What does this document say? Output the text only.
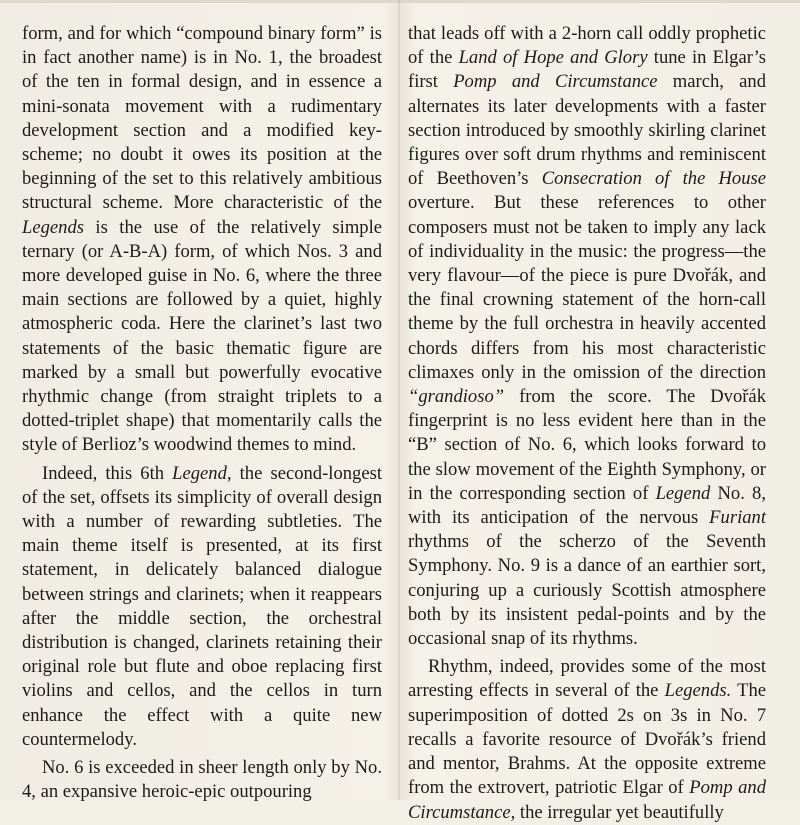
form, and for which “compound binary form” is in fact another name) is in No. 1, the broadest of the ten in formal design, and in essence a mini-sonata movement with a rudimentary development section and a modified key-scheme; no doubt it owes its position at the beginning of the set to this relatively ambitious structural scheme. More characteristic of the Legends is the use of the relatively simple ternary (or A-B-A) form, of which Nos. 3 and more developed guise in No. 6, where the three main sections are followed by a quiet, highly atmospheric coda. Here the clarinet’s last two statements of the basic thematic figure are marked by a small but powerfully evocative rhythmic change (from straight triplets to a dotted-triplet shape) that momentarily calls the style of Berlioz’s woodwind themes to mind.

Indeed, this 6th Legend, the second-longest of the set, offsets its simplicity of overall design with a number of rewarding subtleties. The main theme itself is presented, at its first statement, in delicately balanced dialogue between strings and clarinets; when it reappears after the middle section, the orchestral distribution is changed, clarinets retaining their original role but flute and oboe replacing first violins and cellos, and the cellos in turn enhance the effect with a quite new countermelody.

No. 6 is exceeded in sheer length only by No. 4, an expansive heroic-epic outpouring

that leads off with a 2-horn call oddly prophetic of the Land of Hope and Glory tune in Elgar’s first Pomp and Circumstance march, and alternates its later developments with a faster section introduced by smoothly skirling clarinet figures over soft drum rhythms and reminiscent of Beethoven’s Consecration of the House overture. But these references to other composers must not be taken to imply any lack of individuality in the music: the progress—the very flavour—of the piece is pure Dvořák, and the final crowning statement of the horn-call theme by the full orchestra in heavily accented chords differs from his most characteristic climaxes only in the omission of the direction “grandioso” from the score. The Dvořák fingerprint is no less evident here than in the “B” section of No. 6, which looks forward to the slow movement of the Eighth Symphony, or in the corresponding section of Legend No. 8, with its anticipation of the nervous Furiant rhythms of the scherzo of the Seventh Symphony. No. 9 is a dance of an earthier sort, conjuring up a curiously Scottish atmosphere both by its insistent pedal-points and by the occasional snap of its rhythms.

Rhythm, indeed, provides some of the most arresting effects in several of the Legends. The superimposition of dotted 2s on 3s in No. 7 recalls a favorite resource of Dvořák’s friend and mentor, Brahms. At the opposite extreme from the extrovert, patriotic Elgar of Pomp and Circumstance, the irregular yet beautifully
